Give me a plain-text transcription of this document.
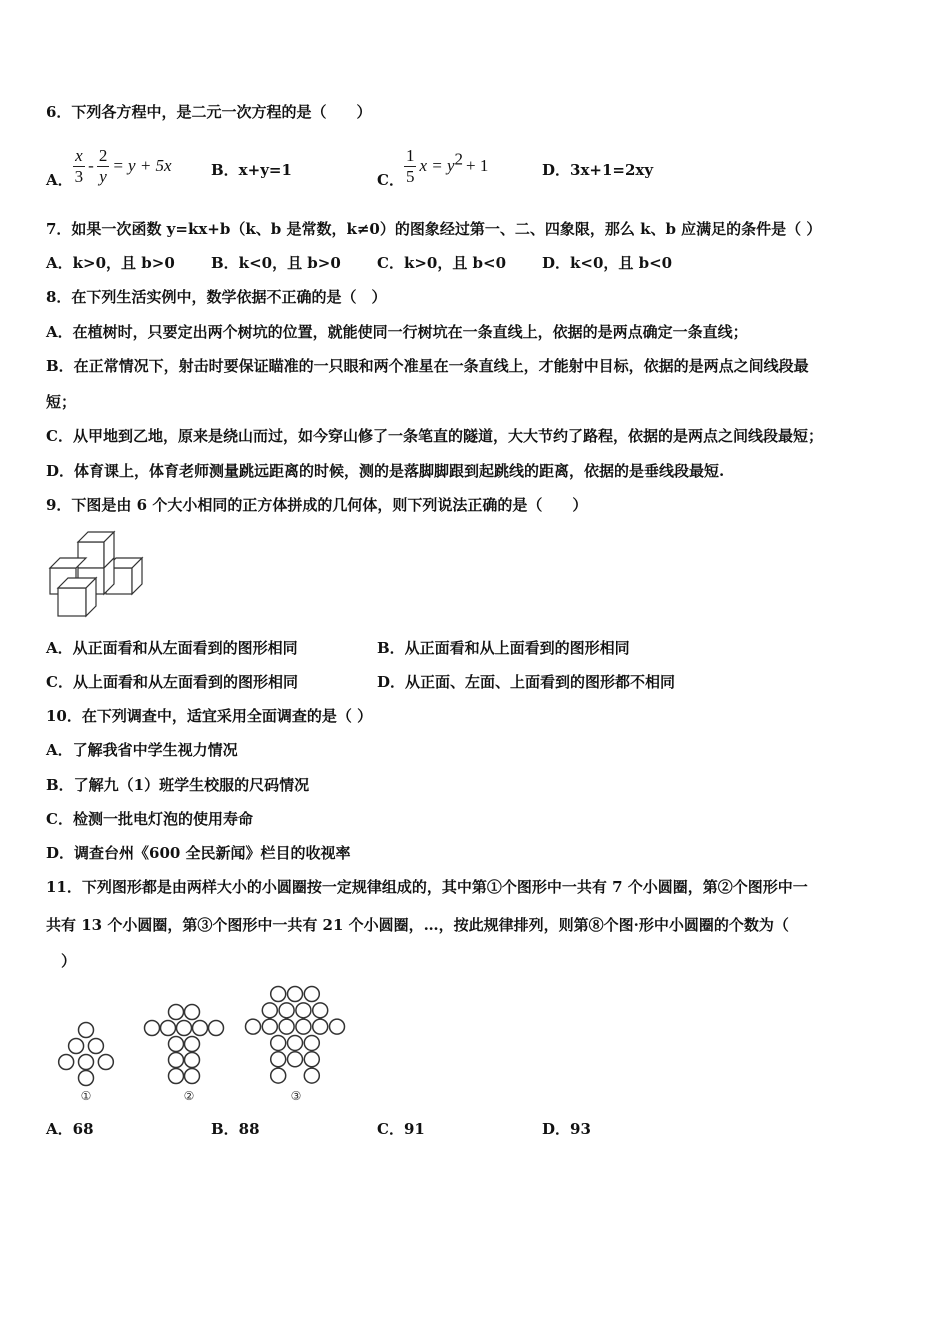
6．下列各方程中，是二元一次方程的是（　　）
A． $\frac{x}{3} - \frac{2}{y} = y + 5x$	B．x+y=1
C． $\frac{1}{5}$ $x = y^2 + 1$	D．3x+1=2xy
7．如果一次函数 y=kx+b（k、b 是常数，k≠0）的图象经过第一、二、四象限，那么 k、b 应满足的条件是（ ）
A．k>0，且 b>0 B．k<0，且 b>0 C．k>0，且 b<0 D．k<0，且 b<0
8．在下列生活实例中，数学依据不正确的是（　）
A．在植树时，只要定出两个树坑的位置，就能使同一行树坑在一条直线上，依据的是两点确定一条直线；
B．在正常情况下，射击时要保证瞄准的一只眼和两个准星在一条直线上，才能射中目标，依据的是两点之间线段最
短；
C．从甲地到乙地，原来是绕山而过，如今穿山修了一条笔直的隧道，大大节约了路程，依据的是两点之间线段最短；
D．体育课上，体育老师测量跳远距离的时候，测的是落脚脚跟到起跳线的距离，依据的是垂线段最短.
9．下图是由 6 个大小相同的正方体拼成的几何体，则下列说法正确的是（　　）
A．从正面看和从左面看到的图形相同	B．从正面看和从上面看到的图形相同
C．从上面看和从左面看到的图形相同	D．从正面、左面、上面看到的图形都不相同
10．在下列调查中，适宜采用全面调查的是（ ）
A．了解我省中学生视力情况
B．了解九（1）班学生校服的尺码情况
C．检测一批电灯泡的使用寿命
D．调查台州《600 全民新闻》栏目的收视率
11．下列图形都是由两样大小的小圆圈按一定规律组成的，其中第①个图形中一共有 7 个小圆圈，第②个图形中一
共有 13 个小圆圈，第③个图形中一共有 21 个小圆圈，…，按此规律排列，则第⑧个图·形中小圆圈的个数为（
　）
①	②	③
A．68	B．88	C．91	D．93
